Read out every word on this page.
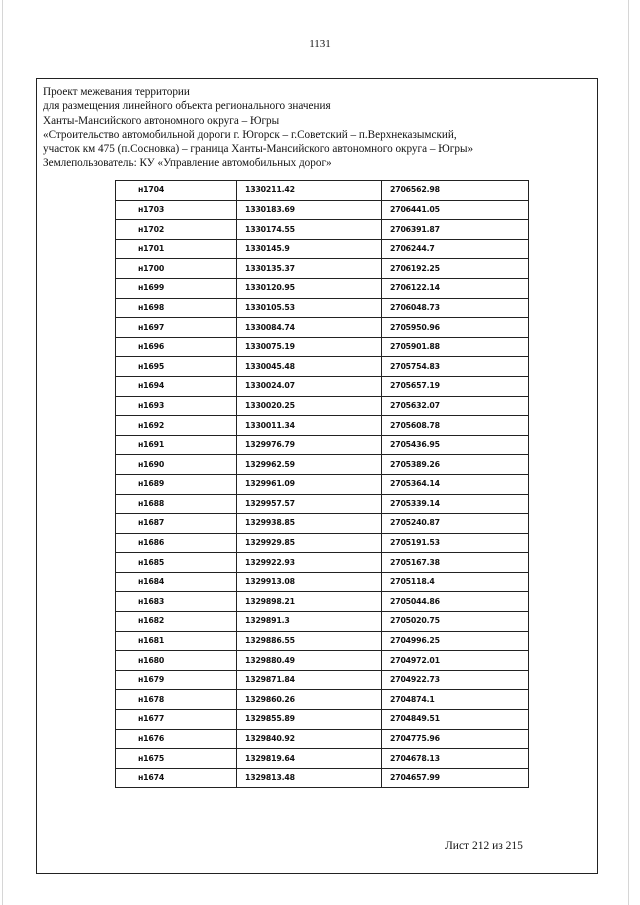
1131
Проект межевания территории
для размещения линейного объекта регионального значения
Ханты-Мансийского автономного округа – Югры
«Строительство автомобильной дороги г. Югорск – г.Советский – п.Верхнеказымский,
участок км 475 (п.Сосновка) – граница Ханты-Мансийского автономного округа – Югры»
Землепользователь: КУ «Управление автомобильных дорог»
н1704	1330211.42	2706562.98
н1703	1330183.69	2706441.05
н1702	1330174.55	2706391.87
н1701	1330145.9	2706244.7
н1700	1330135.37	2706192.25
н1699	1330120.95	2706122.14
н1698	1330105.53	2706048.73
н1697	1330084.74	2705950.96
н1696	1330075.19	2705901.88
н1695	1330045.48	2705754.83
н1694	1330024.07	2705657.19
н1693	1330020.25	2705632.07
н1692	1330011.34	2705608.78
н1691	1329976.79	2705436.95
н1690	1329962.59	2705389.26
н1689	1329961.09	2705364.14
н1688	1329957.57	2705339.14
н1687	1329938.85	2705240.87
н1686	1329929.85	2705191.53
н1685	1329922.93	2705167.38
н1684	1329913.08	2705118.4
н1683	1329898.21	2705044.86
н1682	1329891.3	2705020.75
н1681	1329886.55	2704996.25
н1680	1329880.49	2704972.01
н1679	1329871.84	2704922.73
н1678	1329860.26	2704874.1
н1677	1329855.89	2704849.51
н1676	1329840.92	2704775.96
н1675	1329819.64	2704678.13
н1674	1329813.48	2704657.99
Лист 212 из 215
